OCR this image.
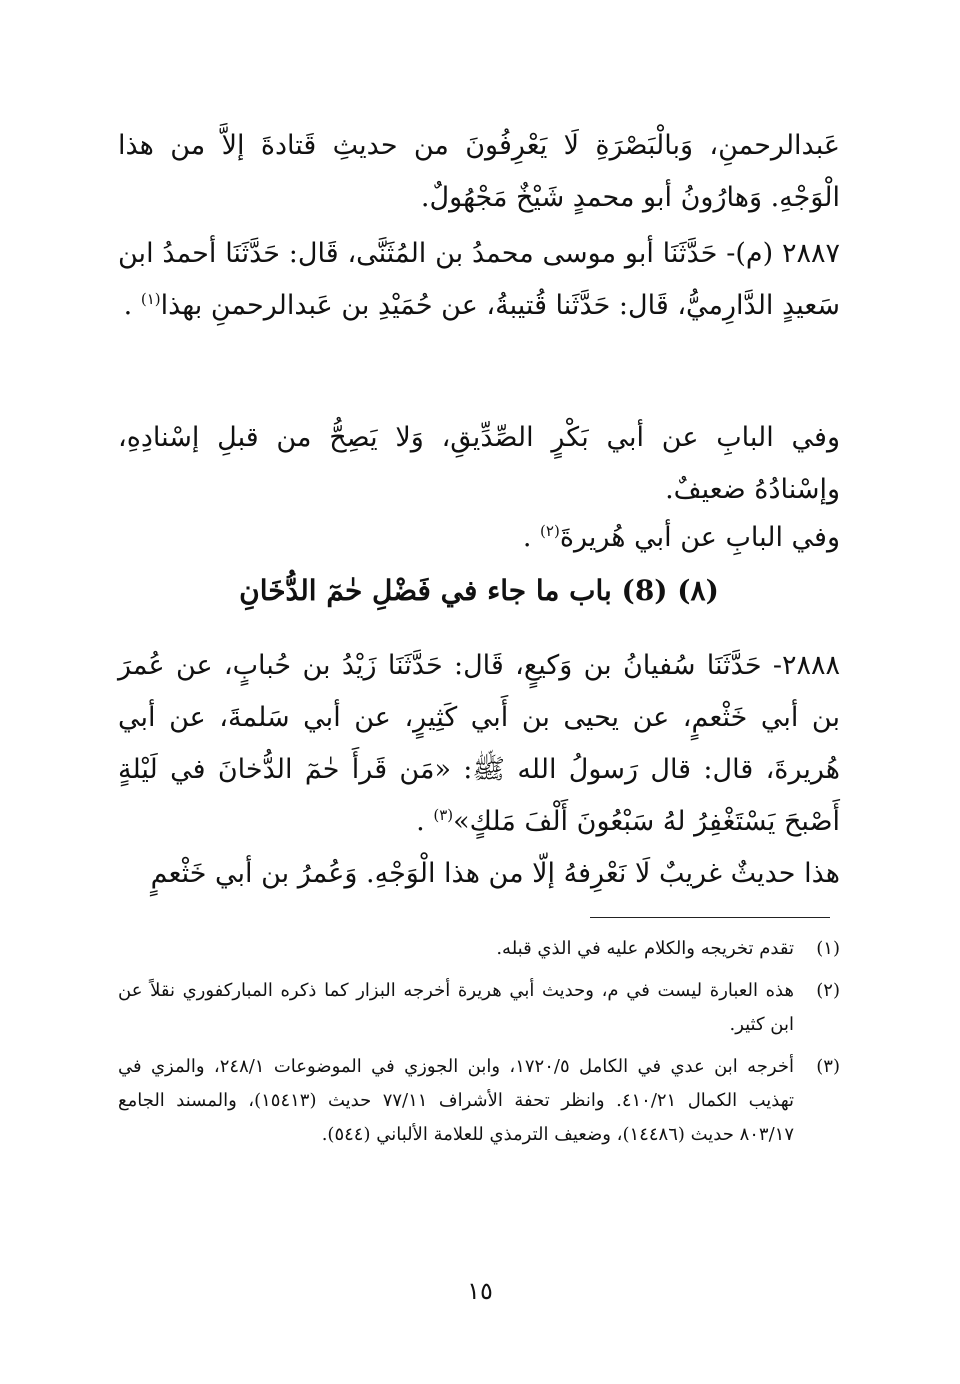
عَبدالرحمنِ، وَبالْبَصْرَةِ لَا يَعْرِفُونَ من حديثِ قَتادةَ إلاَّ من هذا الْوَجْهِ. وَهارُونُ أبو محمدٍ شَيْخٌ مَجْهُولٌ.
٢٨٨٧ (م)- حَدَّثَنَا أبو موسى محمدُ بن المُثَنَّى، قَال: حَدَّثَنَا أحمدُ ابن سَعيدٍ الدَّارِميُّ، قَال: حَدَّثَنا قُتيبةُ، عن حُمَيْدِ بن عَبدالرحمنِ بهذا$^{(١)}$ .
وفي البابِ عن أبي بَكْرٍ الصِّدِّيقِ، وَلا يَصِحُّ من قبلِ إسْنادِهِ، وإسْنادُهُ ضعيفٌ.
وفي البابِ عن أبي هُريرةَ$^{(٢)}$ .
(٨) (8) باب ما جاء في فَضْلِ حٰمٓ الدُّخَانِ
٢٨٨٨- حَدَّثَنَا سُفيانُ بن وَكيعٍ، قَال: حَدَّثَنَا زَيْدُ بن حُبابٍ، عن عُمرَ بن أبي خَثْعمٍ، عن يحيى بن أَبي كَثِيرٍ، عن أبي سَلمةَ، عن أبي هُريرةَ، قال: قال رَسولُ الله ﷺ: «مَن قَرأَ حٰمٓ الدُّخانَ في لَيْلةٍ أَصْبحَ يَسْتَغْفِرُ لهُ سَبْعُونَ أَلْفَ مَلكٍ»$^{(٣)}$ .
هذا حديثٌ غريبٌ لَا نَعْرِفهُ إلّا من هذا الْوَجْهِ. وَعُمرُ بن أبي خَثْعمٍ
(١)
تقدم تخريجه والكلام عليه في الذي قبله.
(٢)
هذه العبارة ليست في م، وحديث أبي هريرة أخرجه البزار كما ذكره المباركفوري نقلاً عن ابن كثير.
(٣)
أخرجه ابن عدي في الكامل ١٧٢٠/٥، وابن الجوزي في الموضوعات ٢٤٨/١، والمزي في تهذيب الكمال ٤١٠/٢١. وانظر تحفة الأشراف ٧٧/١١ حديث (١٥٤١٣)، والمسند الجامع ٨٠٣/١٧ حديث (١٤٤٨٦)، وضعيف الترمذي للعلامة الألباني (٥٤٤).
١٥
